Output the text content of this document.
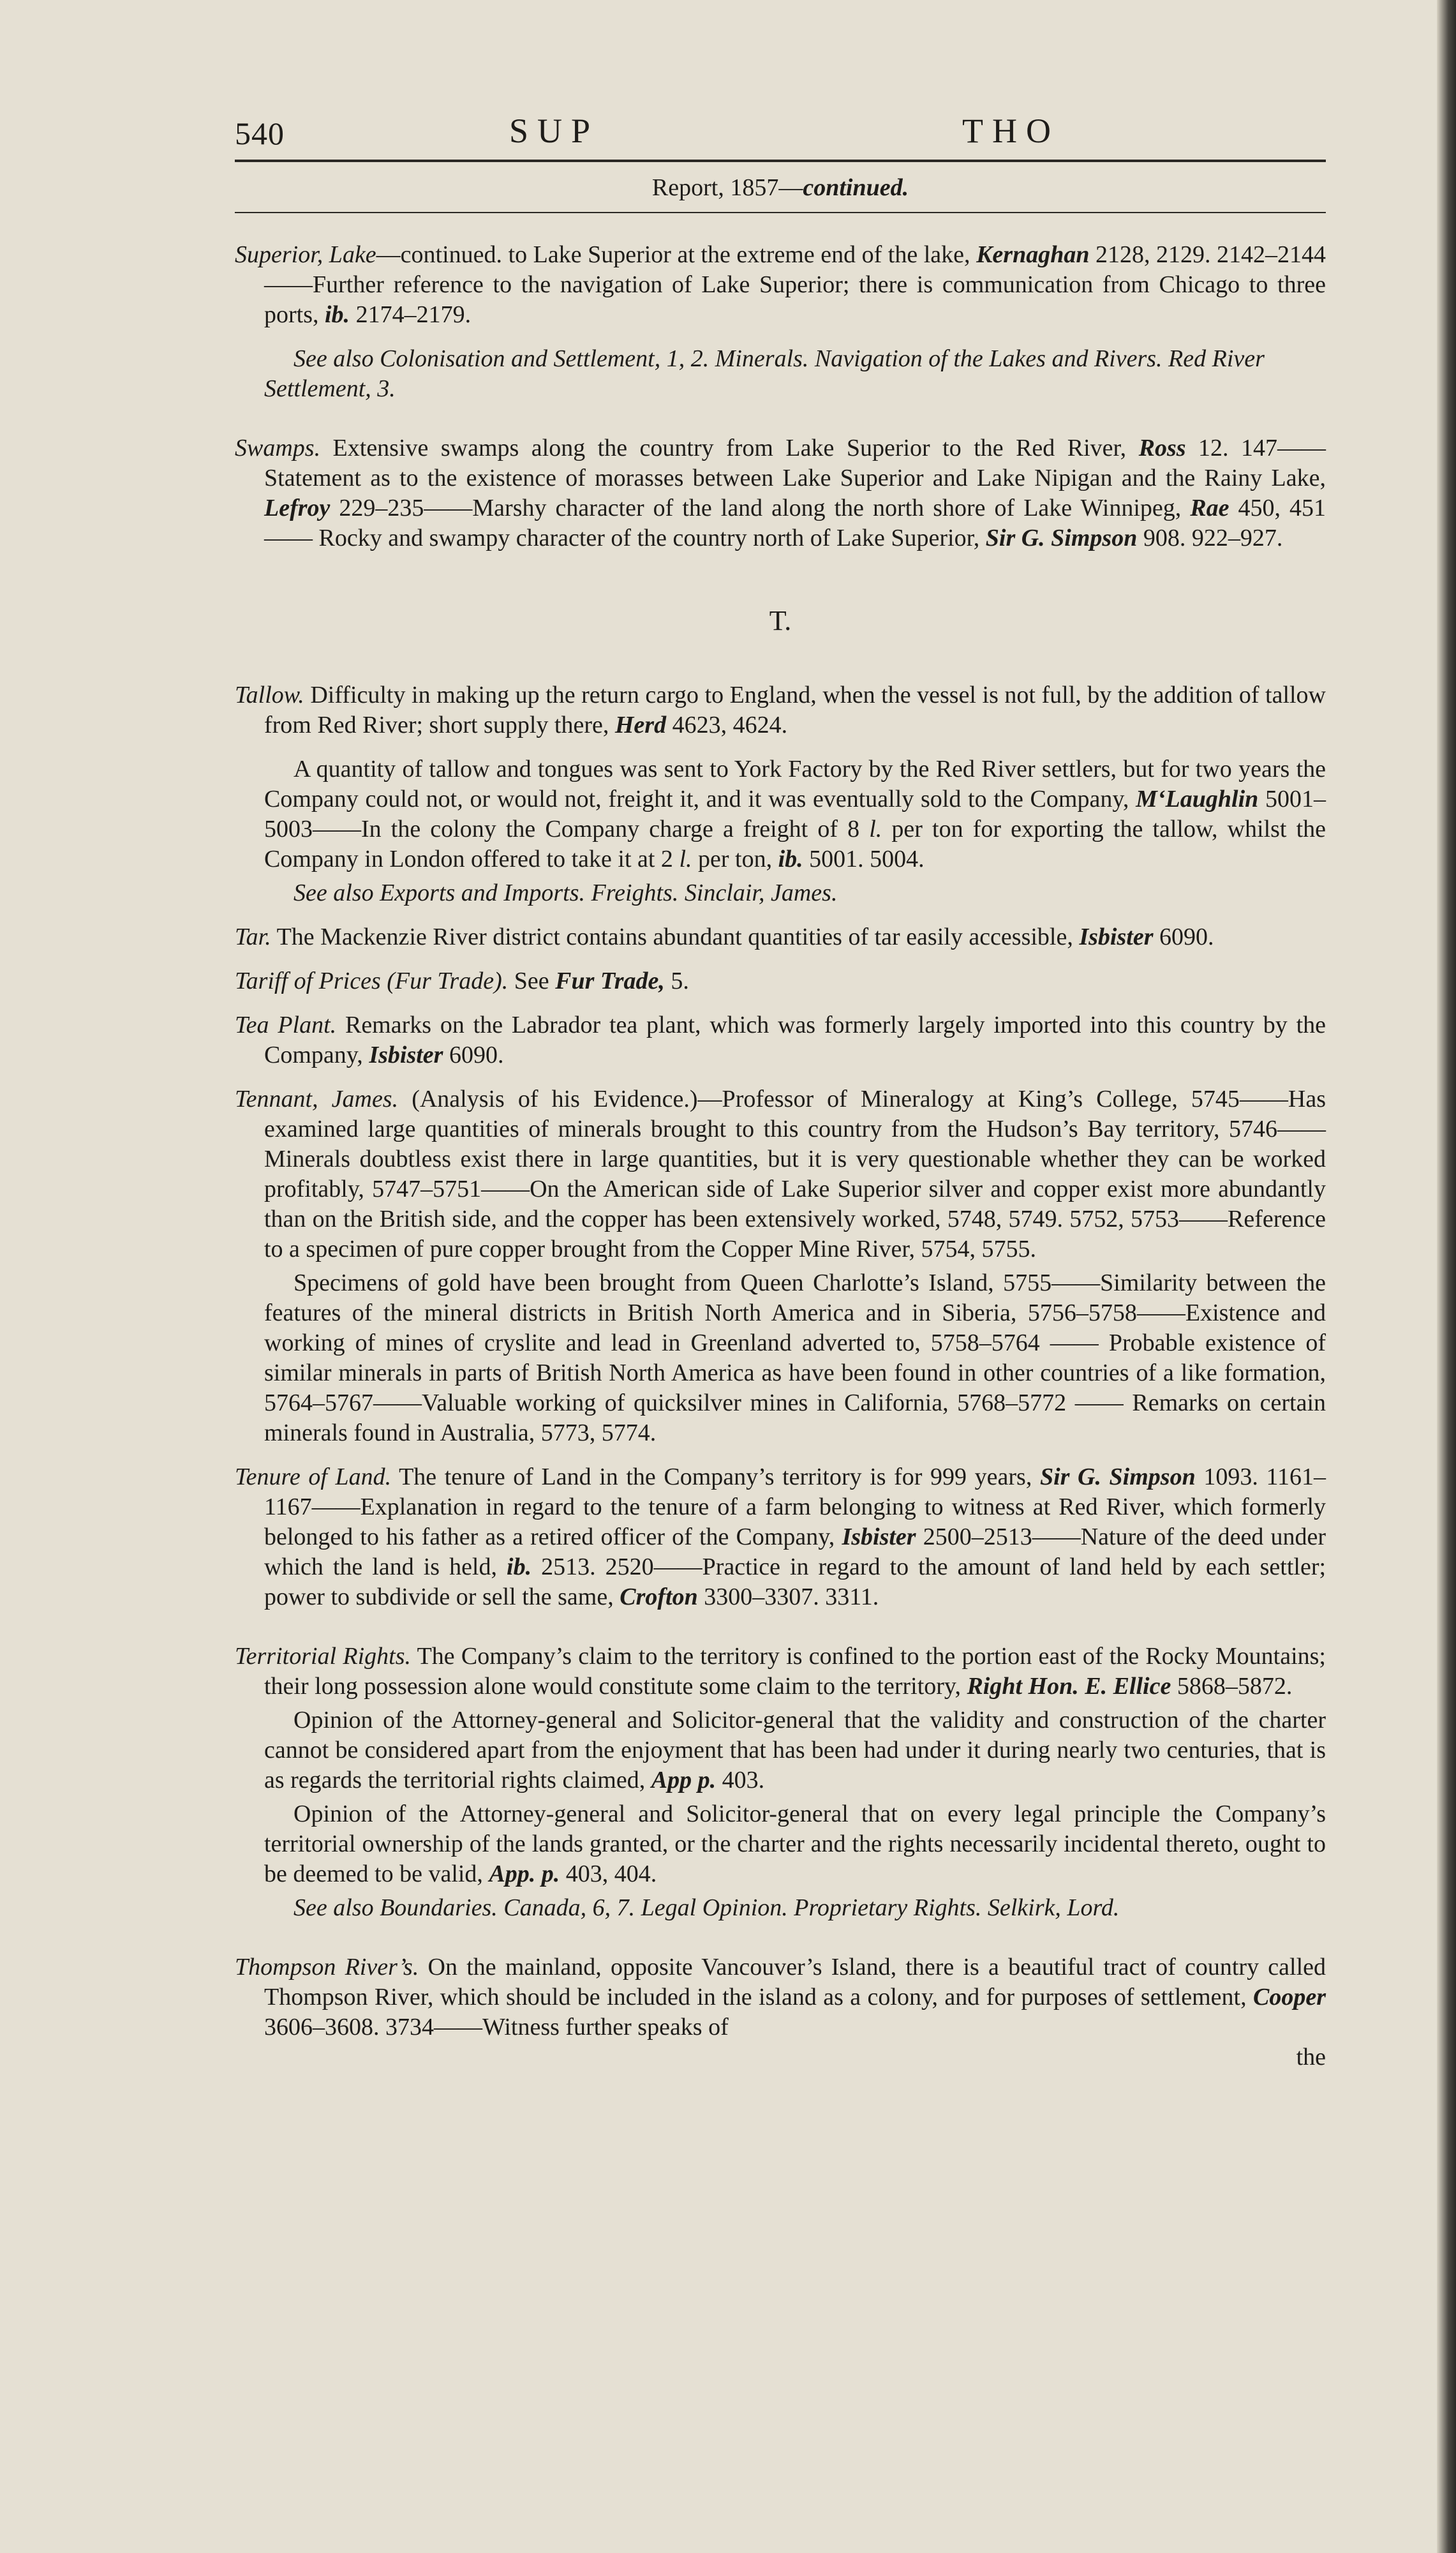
540	SUP	THO
Report, 1857—continued.

Superior, Lake—continued. to Lake Superior at the extreme end of the lake, Kernaghan 2128, 2129. 2142–2144——Further reference to the navigation of Lake Superior; there is communication from Chicago to three ports, ib. 2174–2179.

See also Colonisation and Settlement, 1, 2. Minerals. Navigation of the Lakes and Rivers. Red River Settlement, 3.

Swamps. Extensive swamps along the country from Lake Superior to the Red River, Ross 12. 147——Statement as to the existence of morasses between Lake Superior and Lake Nipigan and the Rainy Lake, Lefroy 229–235——Marshy character of the land along the north shore of Lake Winnipeg, Rae 450, 451—— Rocky and swampy character of the country north of Lake Superior, Sir G. Simpson 908. 922–927.

T.

Tallow. Difficulty in making up the return cargo to England, when the vessel is not full, by the addition of tallow from Red River; short supply there, Herd 4623, 4624.

A quantity of tallow and tongues was sent to York Factory by the Red River settlers, but for two years the Company could not, or would not, freight it, and it was eventually sold to the Company, M‘Laughlin 5001–5003——In the colony the Company charge a freight of 8 l. per ton for exporting the tallow, whilst the Company in London offered to take it at 2 l. per ton, ib. 5001. 5004.

See also Exports and Imports. Freights. Sinclair, James.

Tar. The Mackenzie River district contains abundant quantities of tar easily accessible, Isbister 6090.

Tariff of Prices (Fur Trade). See Fur Trade, 5.

Tea Plant. Remarks on the Labrador tea plant, which was formerly largely imported into this country by the Company, Isbister 6090.

Tennant, James. (Analysis of his Evidence.)—Professor of Mineralogy at King’s College, 5745——Has examined large quantities of minerals brought to this country from the Hudson’s Bay territory, 5746——Minerals doubtless exist there in large quantities, but it is very questionable whether they can be worked profitably, 5747–5751——On the American side of Lake Superior silver and copper exist more abundantly than on the British side, and the copper has been extensively worked, 5748, 5749. 5752, 5753——Reference to a specimen of pure copper brought from the Copper Mine River, 5754, 5755.

Specimens of gold have been brought from Queen Charlotte’s Island, 5755——Similarity between the features of the mineral districts in British North America and in Siberia, 5756–5758——Existence and working of mines of cryslite and lead in Greenland adverted to, 5758–5764 —— Probable existence of similar minerals in parts of British North America as have been found in other countries of a like formation, 5764–5767——Valuable working of quicksilver mines in California, 5768–5772 —— Remarks on certain minerals found in Australia, 5773, 5774.

Tenure of Land. The tenure of Land in the Company’s territory is for 999 years, Sir G. Simpson 1093. 1161–1167——Explanation in regard to the tenure of a farm belonging to witness at Red River, which formerly belonged to his father as a retired officer of the Company, Isbister 2500–2513——Nature of the deed under which the land is held, ib. 2513. 2520——Practice in regard to the amount of land held by each settler; power to subdivide or sell the same, Crofton 3300–3307. 3311.

Territorial Rights. The Company’s claim to the territory is confined to the portion east of the Rocky Mountains; their long possession alone would constitute some claim to the territory, Right Hon. E. Ellice 5868–5872.

Opinion of the Attorney-general and Solicitor-general that the validity and construction of the charter cannot be considered apart from the enjoyment that has been had under it during nearly two centuries, that is as regards the territorial rights claimed, App p. 403.

Opinion of the Attorney-general and Solicitor-general that on every legal principle the Company’s territorial ownership of the lands granted, or the charter and the rights necessarily incidental thereto, ought to be deemed to be valid, App. p. 403, 404.

See also Boundaries. Canada, 6, 7. Legal Opinion. Proprietary Rights. Selkirk, Lord.

Thompson River’s. On the mainland, opposite Vancouver’s Island, there is a beautiful tract of country called Thompson River, which should be included in the island as a colony, and for purposes of settlement, Cooper 3606–3608. 3734——Witness further speaks of

the
